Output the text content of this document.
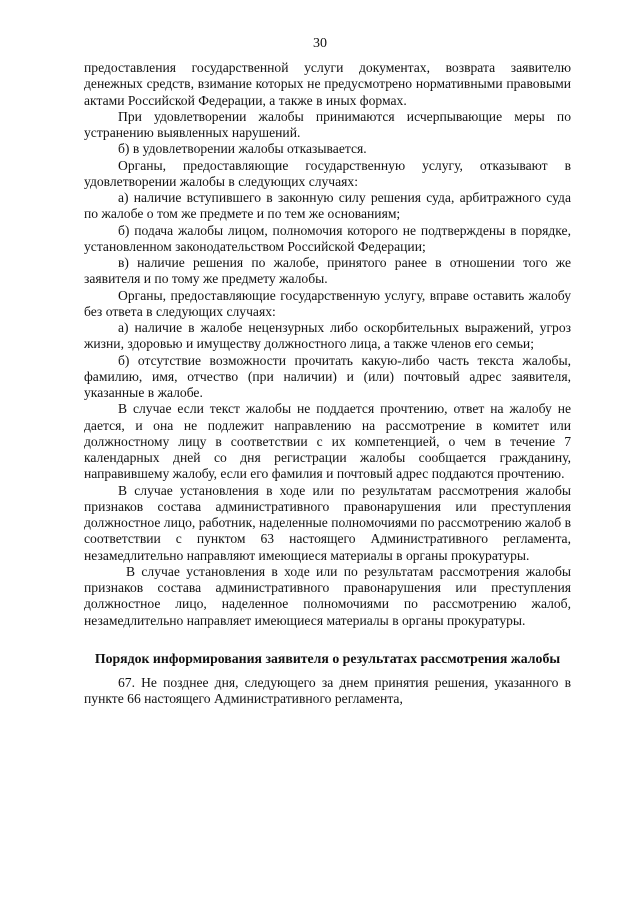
30

предоставления государственной услуги документах, возврата заявителю денежных средств, взимание которых не предусмотрено нормативными правовыми актами Российской Федерации, а также в иных формах.

При удовлетворении жалобы принимаются исчерпывающие меры по устранению выявленных нарушений.

б) в удовлетворении жалобы отказывается.

Органы, предоставляющие государственную услугу, отказывают в удовлетворении жалобы в следующих случаях:

а) наличие вступившего в законную силу решения суда, арбитражного суда по жалобе о том же предмете и по тем же основаниям;

б) подача жалобы лицом, полномочия которого не подтверждены в порядке, установленном законодательством Российской Федерации;

в) наличие решения по жалобе, принятого ранее в отношении того же заявителя и по тому же предмету жалобы.

Органы, предоставляющие государственную услугу, вправе оставить жалобу без ответа в следующих случаях:

а) наличие в жалобе нецензурных либо оскорбительных выражений, угроз жизни, здоровью и имуществу должностного лица, а также членов его семьи;

б) отсутствие возможности прочитать какую-либо часть текста жалобы, фамилию, имя, отчество (при наличии) и (или) почтовый адрес заявителя, указанные в жалобе.

В случае если текст жалобы не поддается прочтению, ответ на жалобу не дается, и она не подлежит направлению на рассмотрение в комитет или должностному лицу в соответствии с их компетенцией, о чем в течение 7 календарных дней со дня регистрации жалобы сообщается гражданину, направившему жалобу, если его фамилия и почтовый адрес поддаются прочтению.

В случае установления в ходе или по результатам рассмотрения жалобы признаков состава административного правонарушения или преступления должностное лицо, работник, наделенные полномочиями по рассмотрению жалоб в соответствии с пунктом 63 настоящего Административного регламента, незамедлительно направляют имеющиеся материалы в органы прокуратуры.

В случае установления в ходе или по результатам рассмотрения жалобы признаков состава административного правонарушения или преступления должностное лицо, наделенное полномочиями по рассмотрению жалоб, незамедлительно направляет имеющиеся материалы в органы прокуратуры.

Порядок информирования заявителя о результатах рассмотрения жалобы

67. Не позднее дня, следующего за днем принятия решения, указанного в пункте 66 настоящего Административного регламента,
